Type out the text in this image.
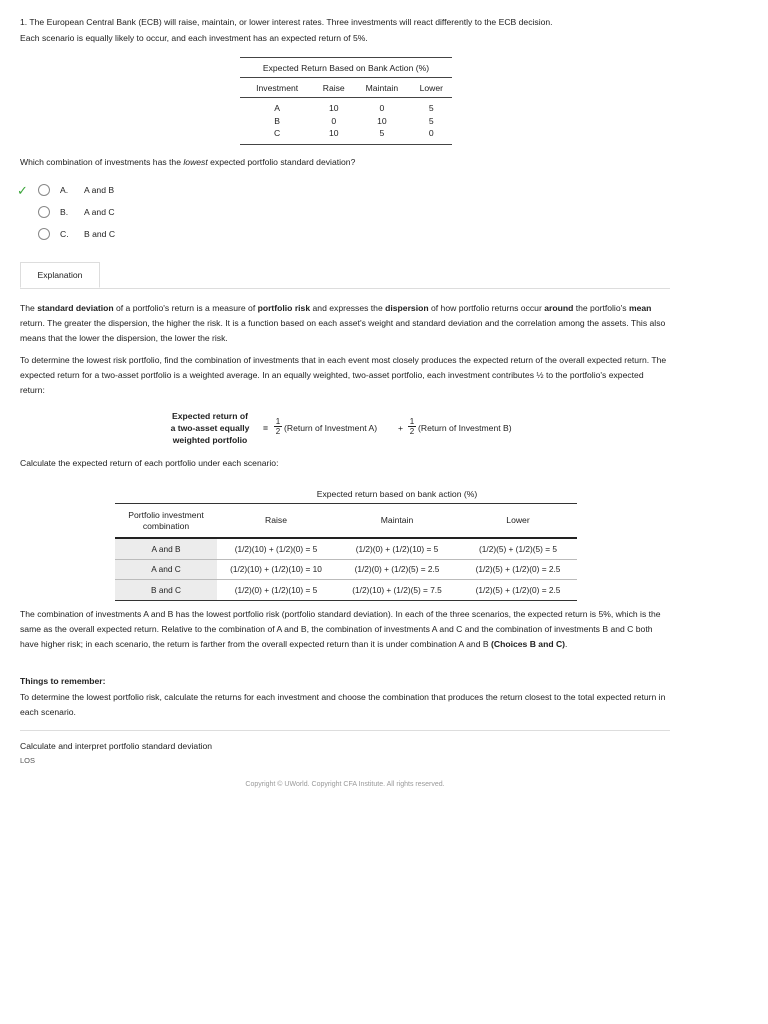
1. The European Central Bank (ECB) will raise, maintain, or lower interest rates. Three investments will react differently to the ECB decision.

Each scenario is equally likely to occur, and each investment has an expected return of 5%.

Expected Return Based on Bank Action (%)			
Investment	Raise	Maintain	Lower
A	10	0	5
B	0	10	5
C	10	5	0

Which combination of investments has the lowest expected portfolio standard deviation?

✓	A. A and B
B. A and C
C. B and C
Explanation

The standard deviation of a portfolio's return is a measure of portfolio risk and expresses the dispersion of how portfolio returns occur around the portfolio's mean return. The greater the dispersion, the higher the risk. It is a function based on each asset's weight and standard deviation and the correlation among the assets. This also means that the lower the dispersion, the lower the risk.

To determine the lowest risk portfolio, find the combination of investments that in each event most closely produces the expected return of the overall expected return. The expected return for a two-asset portfolio is a weighted average. In an equally weighted, two-asset portfolio, each investment contributes ½ to the portfolio's expected return:

Expected return of
a two-asset equally
weighted portfolio
= $\frac{1}{2}$ (Return of Investment $A) + \frac{1}{2}$ (Return of Investment B)

Calculate the expected return of each portfolio under each scenario:

	Expected return based on bank action (%)		
Portfolio investment combination	Raise	Maintain	Lower
A and B	(1/2)(10) + (1/2)(0) = 5	(1/2)(0) + (1/2)(10) = 5	(1/2)(5) + (1/2)(5) = 5
A and C	(1/2)(10) + (1/2)(10) = 10	(1/2)(0) + (1/2)(5) = 2.5	(1/2)(5) + (1/2)(0) = 2.5
B and C	(1/2)(0) + (1/2)(10) = 5	(1/2)(10) + (1/2)(5) = 7.5	(1/2)(5) + (1/2)(0) = 2.5

The combination of investments A and B has the lowest portfolio risk (portfolio standard deviation). In each of the three scenarios, the expected return is 5%, which is the same as the overall expected return. Relative to the combination of A and B, the combination of investments A and C and the combination of investments B and C both have higher risk; in each scenario, the return is farther from the overall expected return than it is under combination A and B (Choices B and C).

Things to remember:

To determine the lowest portfolio risk, calculate the returns for each investment and choose the combination that produces the return closest to the total expected return in each scenario.

Calculate and interpret portfolio standard deviation

LOS

Copyright © UWorld. Copyright CFA Institute. All rights reserved.
